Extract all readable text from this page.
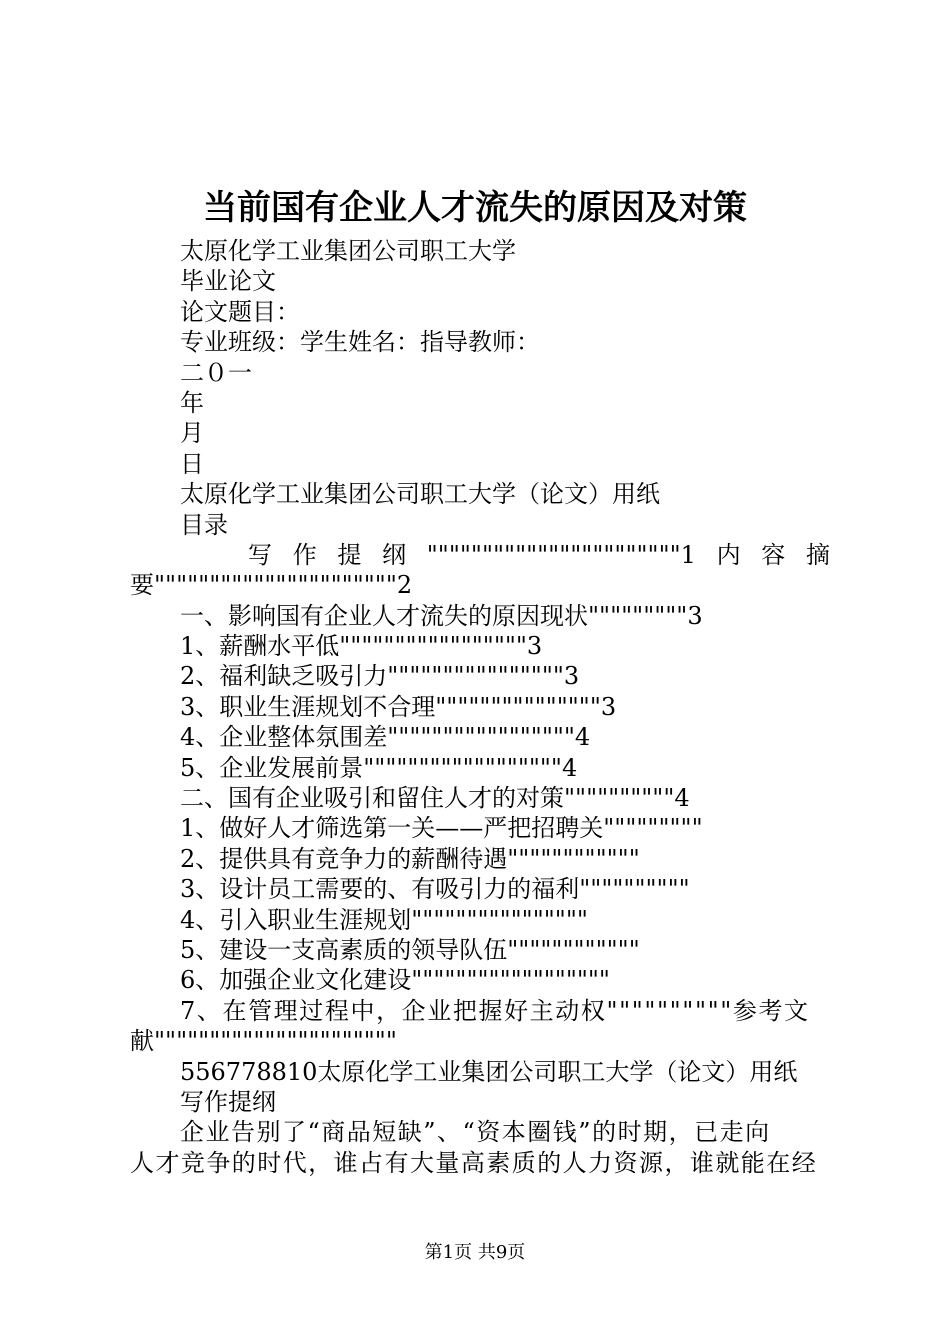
当前国有企业人才流失的原因及对策
太原化学工业集团公司职工大学
毕业论文
论文题目：
专业班级：学生姓名：指导教师：
二０一
年
月
日
太原化学工业集团公司职工大学（论文）用纸
目录
写 作 提 纲 """""""""""""""""""""""1 内 容 摘
要""""""""""""""""""""""2
一、影响国有企业人才流失的原因现状"""""""""3
1、薪酬水平低"""""""""""""""""3
2、福利缺乏吸引力""""""""""""""""3
3、职业生涯规划不合理"""""""""""""""3
4、企业整体氛围差"""""""""""""""""4
5、企业发展前景""""""""""""""""""4
二、国有企业吸引和留住人才的对策""""""""""4
1、做好人才筛选第一关——严把招聘关"""""""""
2、提供具有竞争力的薪酬待遇""""""""""""
3、设计员工需要的、有吸引力的福利""""""""""
4、引入职业生涯规划""""""""""""""""
5、建设一支高素质的领导队伍""""""""""""
6、加强企业文化建设""""""""""""""""""
7、在管理过程中，企业把握好主动权""""""""""参考文
献""""""""""""""""""""""
556778810太原化学工业集团公司职工大学（论文）用纸
写作提纲
企业告别了“商品短缺”、“资本圈钱”的时期，已走向
人才竞争的时代，谁占有大量高素质的人力资源，谁就能在经
第1页 共9页
